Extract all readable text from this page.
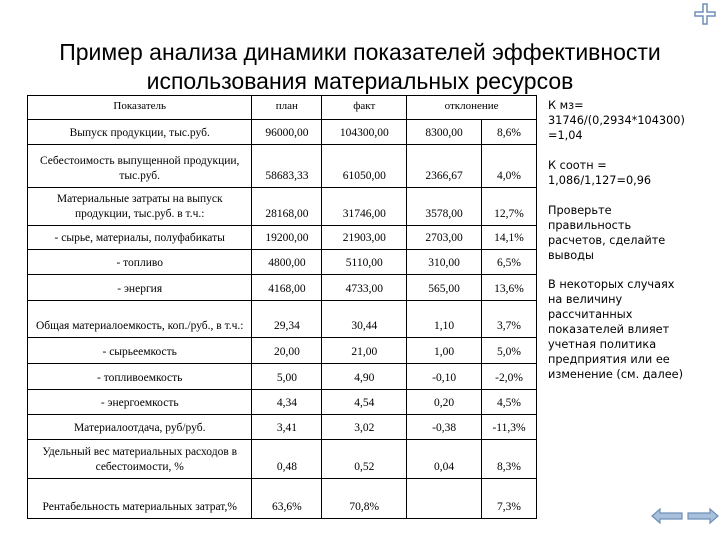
Пример анализа динамики показателей эффективности
использования материальных ресурсов
Показатель	план	факт	отклонение	
Выпуск продукции, тыс.руб.	96000,00	104300,00	8300,00	8,6%
Себестоимость выпущенной продукции, тыс.руб.	58683,33	61050,00	2366,67	4,0%
Материальные затраты на выпуск продукции, тыс.руб. в т.ч.:	28168,00	31746,00	3578,00	12,7%
- сырье, материалы, полуфабикаты	19200,00	21903,00	2703,00	14,1%
- топливо	4800,00	5110,00	310,00	6,5%
- энергия	4168,00	4733,00	565,00	13,6%
Общая материалоемкость, коп./руб., в т.ч.:	29,34	30,44	1,10	3,7%
- сырьеемкость	20,00	21,00	1,00	5,0%
- топливоемкость	5,00	4,90	-0,10	-2,0%
- энергоемкость	4,34	4,54	0,20	4,5%
Материалоотдача, руб/руб.	3,41	3,02	-0,38	-11,3%
Удельный вес материальных расходов в себестоимости, %	0,48	0,52	0,04	8,3%
Рентабельность материальных затрат,%	63,6%	70,8%		7,3%
К мз=
31746/(0,2934*104300)
=1,04
К соотн =
1,086/1,127=0,96
Проверьте
правильность
расчетов, сделайте
выводы
В некоторых случаях
на величину
рассчитанных
показателей влияет
учетная политика
предприятия или ее
изменение (см. далее)
